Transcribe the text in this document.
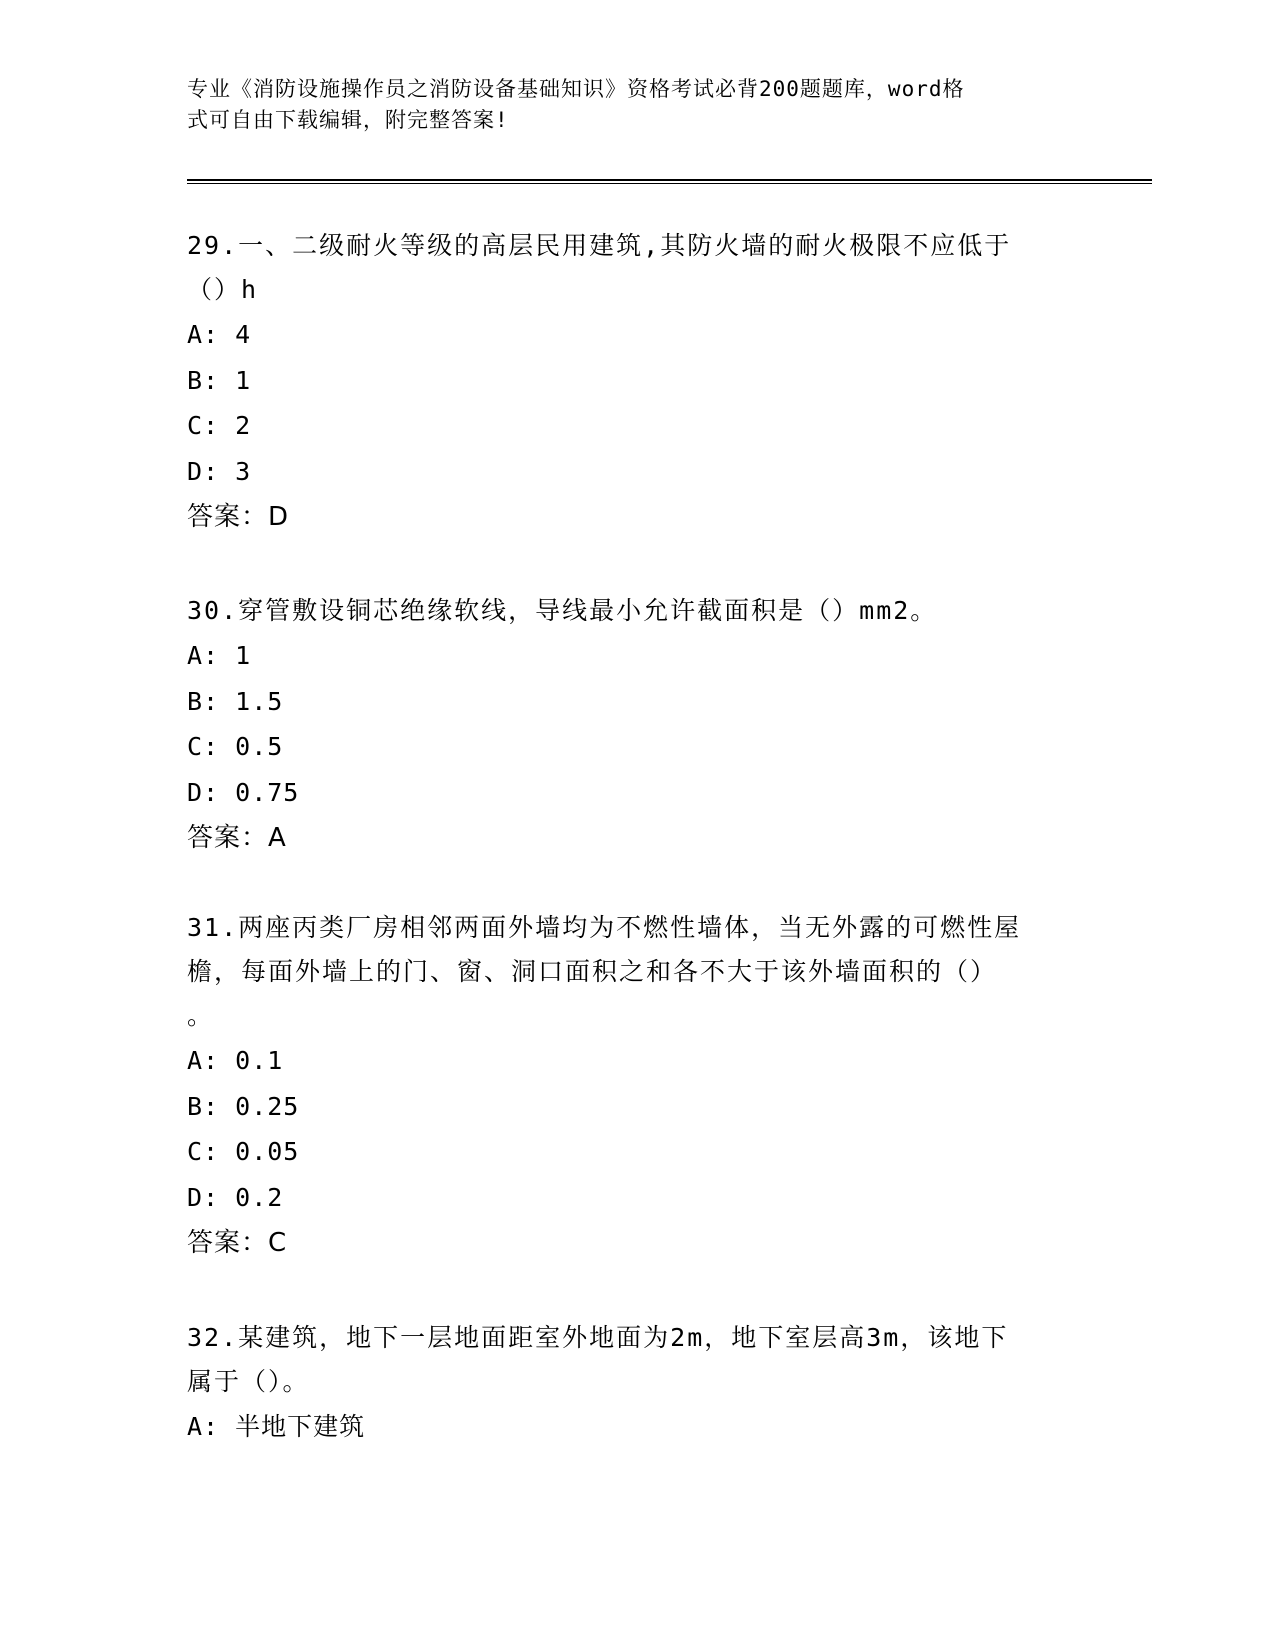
专业《消防设施操作员之消防设备基础知识》资格考试必背200题题库，word格
式可自由下载编辑，附完整答案!

29.一、二级耐火等级的高层民用建筑,其防火墙的耐火极限不应低于

（）h

A: 4

B: 1

C: 2

D: 3

答案：D

30.穿管敷设铜芯绝缘软线，导线最小允许截面积是（）mm2。

A: 1

B: 1.5

C: 0.5

D: 0.75

答案：A

31.两座丙类厂房相邻两面外墙均为不燃性墙体，当无外露的可燃性屋

檐，每面外墙上的门、窗、洞口面积之和各不大于该外墙面积的（）

。

A: 0.1

B: 0.25

C: 0.05

D: 0.2

答案：C

32.某建筑，地下一层地面距室外地面为2m，地下室层高3m，该地下

属于（）。

A: 半地下建筑
